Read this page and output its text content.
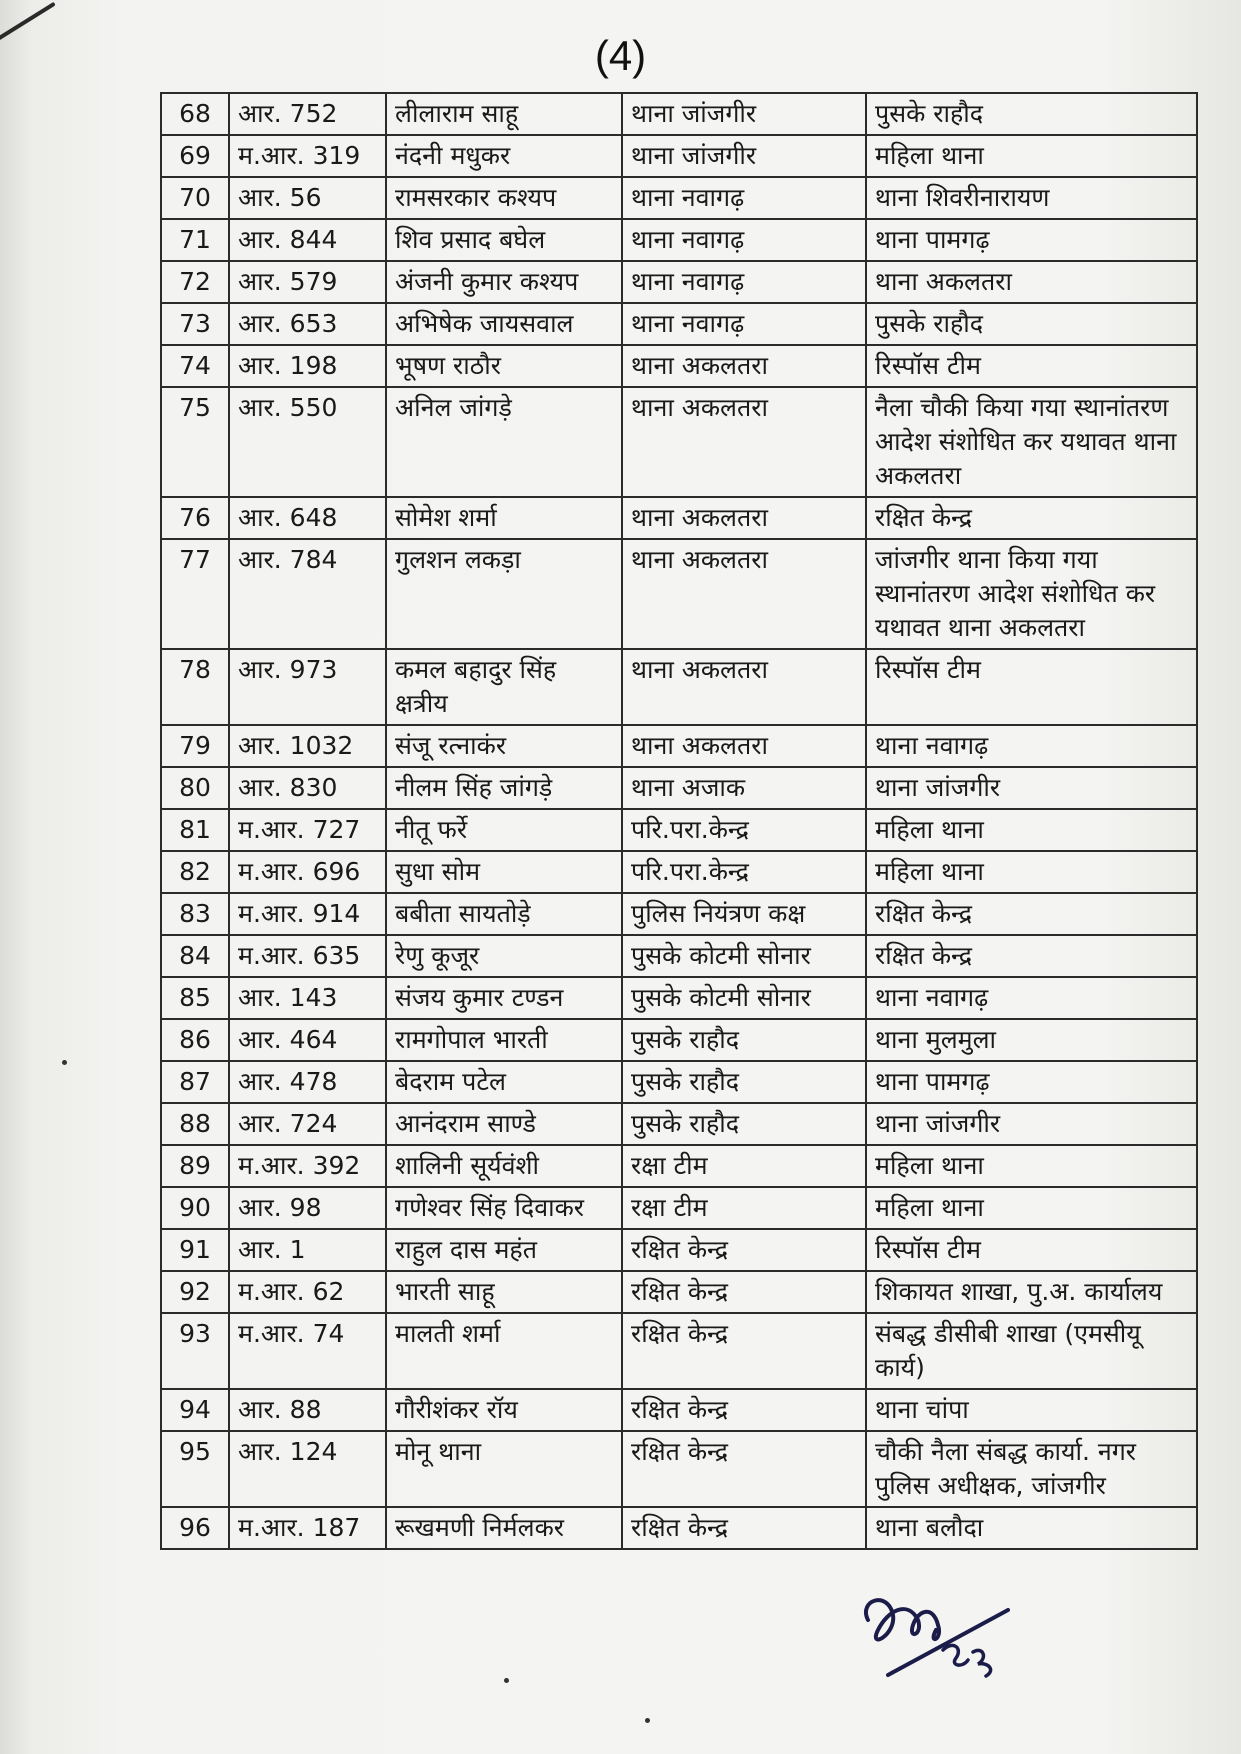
(4)
68	आर. 752	लीलाराम साहू	थाना जांजगीर	पुसके राहौद
69	म.आर. 319	नंदनी मधुकर	थाना जांजगीर	महिला थाना
70	आर. 56	रामसरकार कश्यप	थाना नवागढ़	थाना शिवरीनारायण
71	आर. 844	शिव प्रसाद बघेल	थाना नवागढ़	थाना पामगढ़
72	आर. 579	अंजनी कुमार कश्यप	थाना नवागढ़	थाना अकलतरा
73	आर. 653	अभिषेक जायसवाल	थाना नवागढ़	पुसके राहौद
74	आर. 198	भूषण राठौर	थाना अकलतरा	रिस्पॉस टीम
75	आर. 550	अनिल जांगड़े	थाना अकलतरा	नैला चौकी किया गया स्थानांतरण आदेश संशोधित कर यथावत थाना अकलतरा
76	आर. 648	सोमेश शर्मा	थाना अकलतरा	रक्षित केन्द्र
77	आर. 784	गुलशन लकड़ा	थाना अकलतरा	जांजगीर थाना किया गया स्थानांतरण आदेश संशोधित कर यथावत थाना अकलतरा
78	आर. 973	कमल बहादुर सिंह क्षत्रीय	थाना अकलतरा	रिस्पॉस टीम
79	आर. 1032	संजू रत्नाकंर	थाना अकलतरा	थाना नवागढ़
80	आर. 830	नीलम सिंह जांगड़े	थाना अजाक	थाना जांजगीर
81	म.आर. 727	नीतू फर्रे	परि.परा.केन्द्र	महिला थाना
82	म.आर. 696	सुधा सोम	परि.परा.केन्द्र	महिला थाना
83	म.आर. 914	बबीता सायतोड़े	पुलिस नियंत्रण कक्ष	रक्षित केन्द्र
84	म.आर. 635	रेणु कूजूर	पुसके कोटमी सोनार	रक्षित केन्द्र
85	आर. 143	संजय कुमार टण्डन	पुसके कोटमी सोनार	थाना नवागढ़
86	आर. 464	रामगोपाल भारती	पुसके राहौद	थाना मुलमुला
87	आर. 478	बेदराम पटेल	पुसके राहौद	थाना पामगढ़
88	आर. 724	आनंदराम साण्डे	पुसके राहौद	थाना जांजगीर
89	म.आर. 392	शालिनी सूर्यवंशी	रक्षा टीम	महिला थाना
90	आर. 98	गणेश्वर सिंह दिवाकर	रक्षा टीम	महिला थाना
91	आर. 1	राहुल दास महंत	रक्षित केन्द्र	रिस्पॉस टीम
92	म.आर. 62	भारती साहू	रक्षित केन्द्र	शिकायत शाखा, पु.अ. कार्यालय
93	म.आर. 74	मालती शर्मा	रक्षित केन्द्र	संबद्ध डीसीबी शाखा (एमसीयू कार्य)
94	आर. 88	गौरीशंकर रॉय	रक्षित केन्द्र	थाना चांपा
95	आर. 124	मोनू थाना	रक्षित केन्द्र	चौकी नैला संबद्ध कार्या. नगर पुलिस अधीक्षक, जांजगीर
96	म.आर. 187	रूखमणी निर्मलकर	रक्षित केन्द्र	थाना बलौदा
